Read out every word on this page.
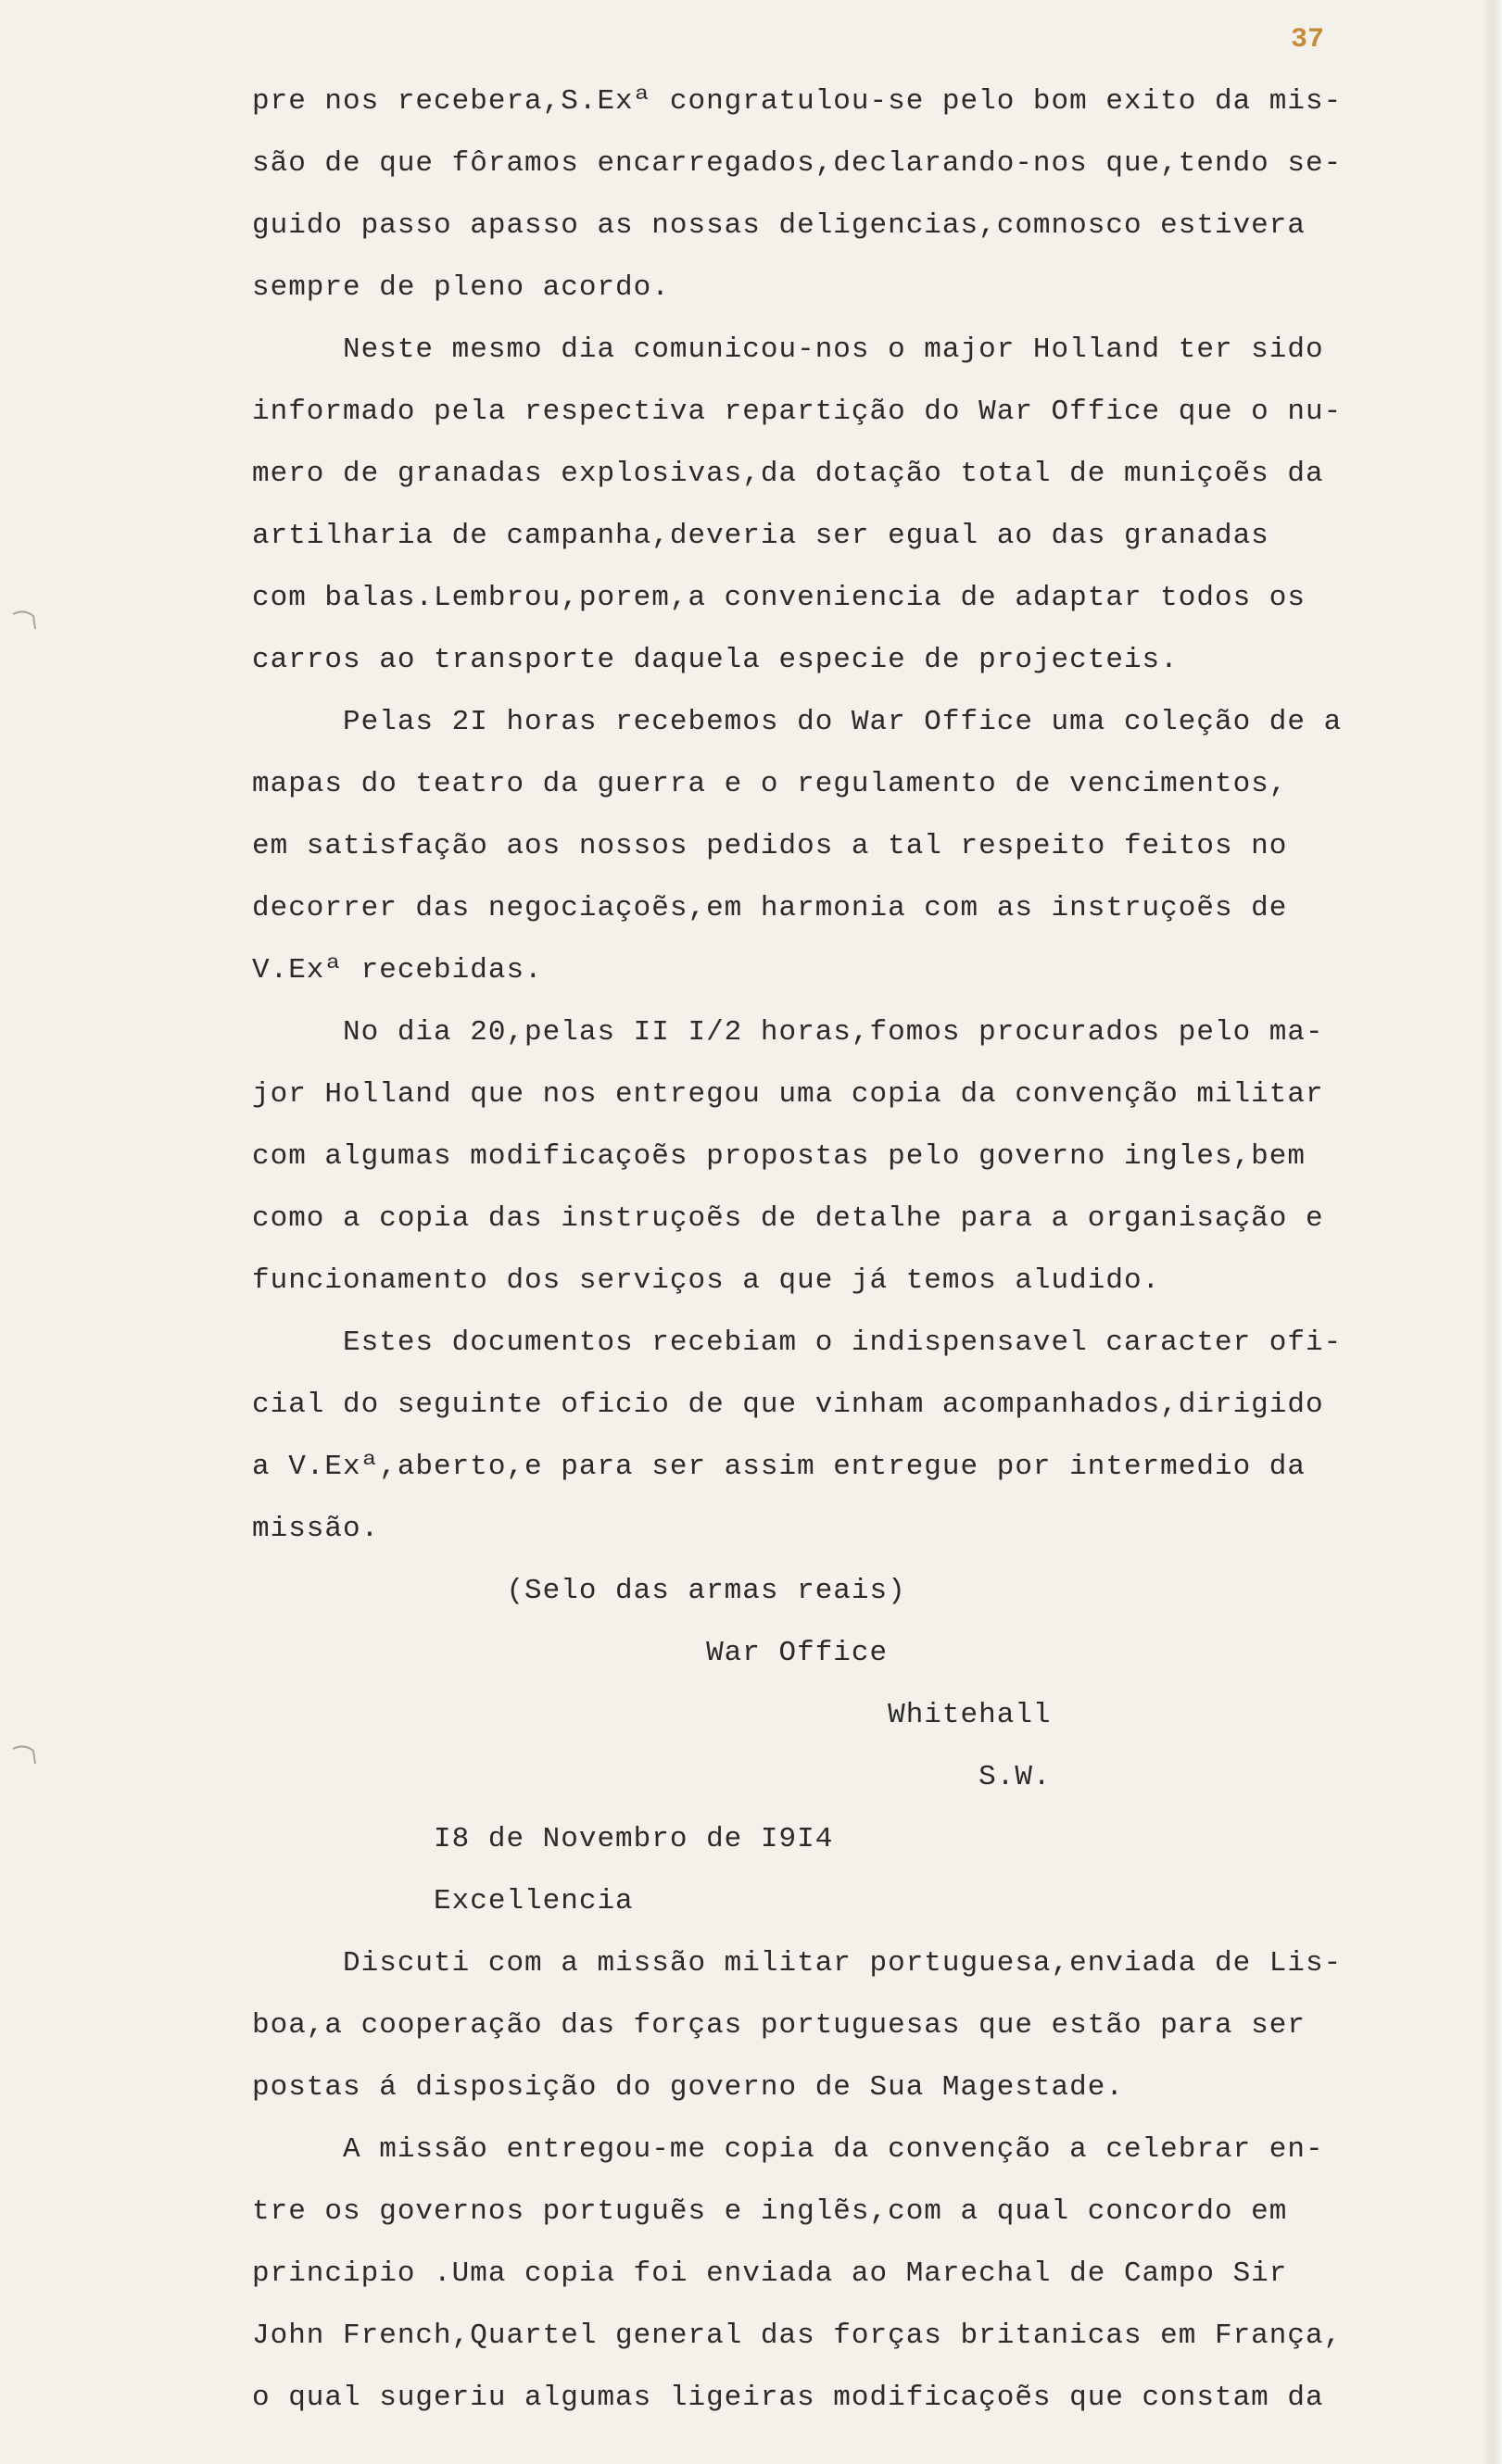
37
pre nos recebera,S.Exª congratulou-se pelo bom exito da mis-
são de que fôramos encarregados,declarando-nos que,tendo se-
guido passo apasso as nossas deligencias,comnosco estivera
sempre de pleno acordo.
Neste mesmo dia comunicou-nos o major Holland ter sido
informado pela respectiva repartição do War Office que o nu-
mero de granadas explosivas,da dotação total de muniçoẽs da
artilharia de campanha,deveria ser egual ao das granadas
com balas.Lembrou,porem,a conveniencia de adaptar todos os
carros ao transporte daquela especie de projecteis.
Pelas 2I horas recebemos do War Office uma coleção de a
mapas do teatro da guerra e o regulamento de vencimentos,
em satisfação aos nossos pedidos a tal respeito feitos no
decorrer das negociaçoẽs,em harmonia com as instruçoẽs de
V.Exª recebidas.
No dia 20,pelas II I/2 horas,fomos procurados pelo ma-
jor Holland que nos entregou uma copia da convenção militar
com algumas modificaçoẽs propostas pelo governo ingles,bem
como a copia das instruçoẽs de detalhe para a organisação e
funcionamento dos serviços a que já temos aludido.
Estes documentos recebiam o indispensavel caracter ofi-
cial do seguinte oficio de que vinham acompanhados,dirigido
a V.Exª,aberto,e para ser assim entregue por intermedio da
missão.
(Selo das armas reais)
War Office
Whitehall
S.W.
I8 de Novembro de I9I4
Excellencia
Discuti com a missão militar portuguesa,enviada de Lis-
boa,a cooperação das forças portuguesas que estão para ser
postas á disposição do governo de Sua Magestade.
A missão entregou-me copia da convenção a celebrar en-
tre os governos portuguẽs e inglẽs,com a qual concordo em
principio .Uma copia foi enviada ao Marechal de Campo Sir
John French,Quartel general das forças britanicas em França,
o qual sugeriu algumas ligeiras modificaçoẽs que constam da
